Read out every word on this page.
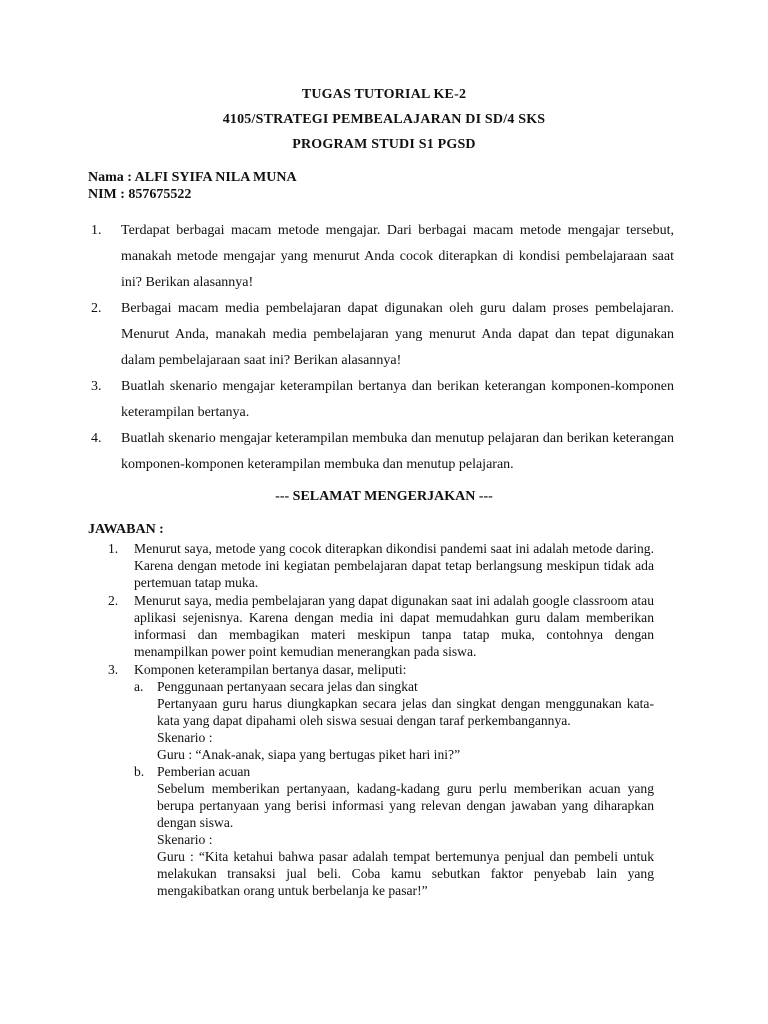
TUGAS TUTORIAL KE-2
4105/STRATEGI PEMBEALAJARAN DI SD/4 SKS
PROGRAM STUDI S1 PGSD
Nama : ALFI SYIFA NILA MUNA
NIM : 857675522
1. Terdapat berbagai macam metode mengajar. Dari berbagai macam metode mengajar tersebut, manakah metode mengajar yang menurut Anda cocok diterapkan di kondisi pembelajaraan saat ini? Berikan alasannya!
2. Berbagai macam media pembelajaran dapat digunakan oleh guru dalam proses pembelajaran. Menurut Anda, manakah media pembelajaran yang menurut Anda dapat dan tepat digunakan dalam pembelajaraan saat ini? Berikan alasannya!
3. Buatlah skenario mengajar keterampilan bertanya dan berikan keterangan komponen-komponen keterampilan bertanya.
4. Buatlah skenario mengajar keterampilan membuka dan menutup pelajaran dan berikan keterangan komponen-komponen keterampilan membuka dan menutup pelajaran.
--- SELAMAT MENGERJAKAN ---
JAWABAN :
1. Menurut saya, metode yang cocok diterapkan dikondisi pandemi saat ini adalah metode daring. Karena dengan metode ini kegiatan pembelajaran dapat tetap berlangsung meskipun tidak ada pertemuan tatap muka.
2. Menurut saya, media pembelajaran yang dapat digunakan saat ini adalah google classroom atau aplikasi sejenisnya. Karena dengan media ini dapat memudahkan guru dalam memberikan informasi dan membagikan materi meskipun tanpa tatap muka, contohnya dengan menampilkan power point kemudian menerangkan pada siswa.
3. Komponen keterampilan bertanya dasar, meliputi:
a. Penggunaan pertanyaan secara jelas dan singkat
Pertanyaan guru harus diungkapkan secara jelas dan singkat dengan menggunakan kata-kata yang dapat dipahami oleh siswa sesuai dengan taraf perkembangannya.
Skenario :
Guru : “Anak-anak, siapa yang bertugas piket hari ini?”
b. Pemberian acuan
Sebelum memberikan pertanyaan, kadang-kadang guru perlu memberikan acuan yang berupa pertanyaan yang berisi informasi yang relevan dengan jawaban yang diharapkan dengan siswa.
Skenario :
Guru : “Kita ketahui bahwa pasar adalah tempat bertemunya penjual dan pembeli untuk melakukan transaksi jual beli. Coba kamu sebutkan faktor penyebab lain yang mengakibatkan orang untuk berbelanja ke pasar!”
